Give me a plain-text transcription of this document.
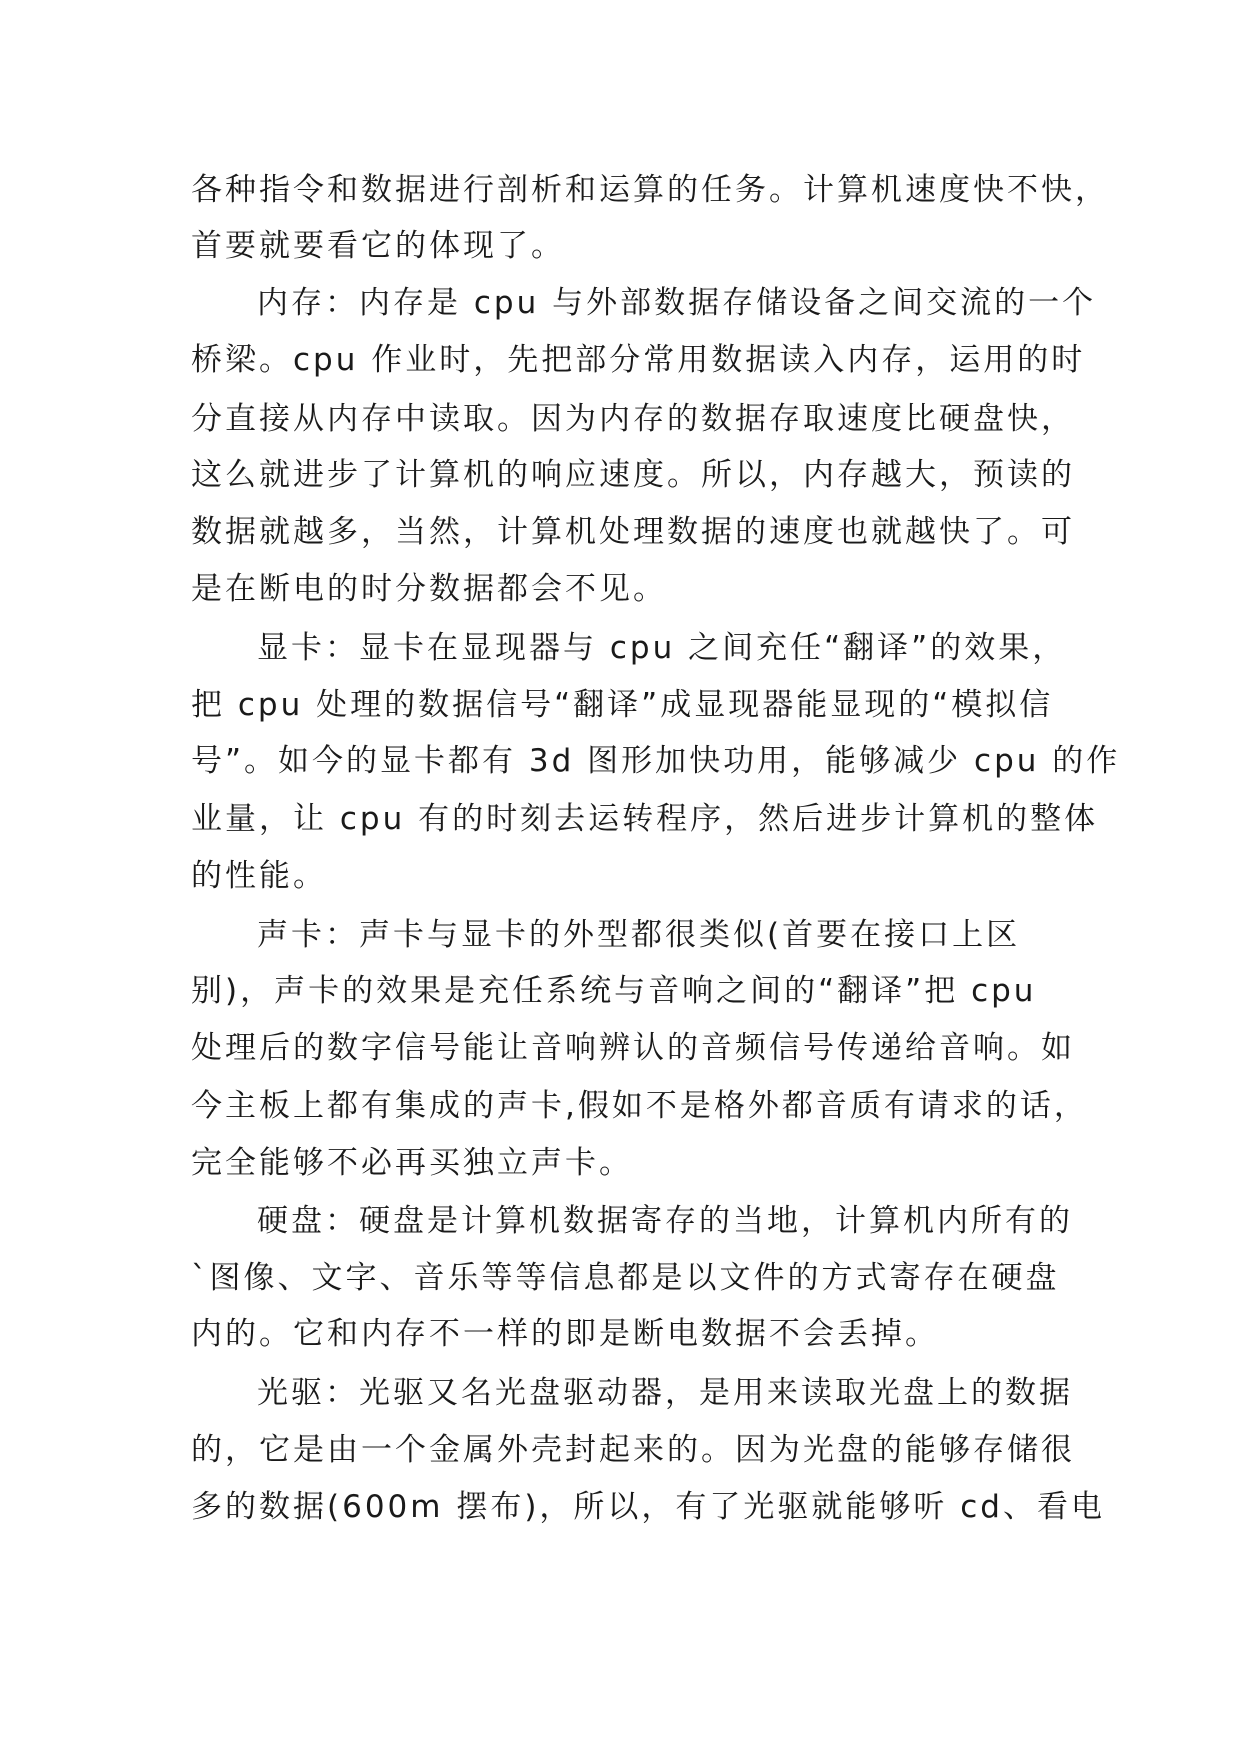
各种指令和数据进行剖析和运算的任务。计算机速度快不快，
首要就要看它的体现了。
内存：内存是 cpu 与外部数据存储设备之间交流的一个
桥梁。cpu 作业时，先把部分常用数据读入内存，运用的时
分直接从内存中读取。因为内存的数据存取速度比硬盘快，
这么就进步了计算机的响应速度。所以，内存越大，预读的
数据就越多，当然，计算机处理数据的速度也就越快了。可
是在断电的时分数据都会不见。
显卡：显卡在显现器与 cpu 之间充任“翻译”的效果，
把 cpu 处理的数据信号“翻译”成显现器能显现的“模拟信
号”。如今的显卡都有 3d 图形加快功用，能够减少 cpu 的作
业量，让 cpu 有的时刻去运转程序，然后进步计算机的整体
的性能。
声卡：声卡与显卡的外型都很类似(首要在接口上区
别)，声卡的效果是充任系统与音响之间的“翻译”把 cpu
处理后的数字信号能让音响辨认的音频信号传递给音响。如
今主板上都有集成的声卡,假如不是格外都音质有请求的话，
完全能够不必再买独立声卡。
硬盘：硬盘是计算机数据寄存的当地，计算机内所有的
`图像、文字、音乐等等信息都是以文件的方式寄存在硬盘
内的。它和内存不一样的即是断电数据不会丢掉。
光驱：光驱又名光盘驱动器，是用来读取光盘上的数据
的，它是由一个金属外壳封起来的。因为光盘的能够存储很
多的数据(600m 摆布)，所以，有了光驱就能够听 cd、看电
